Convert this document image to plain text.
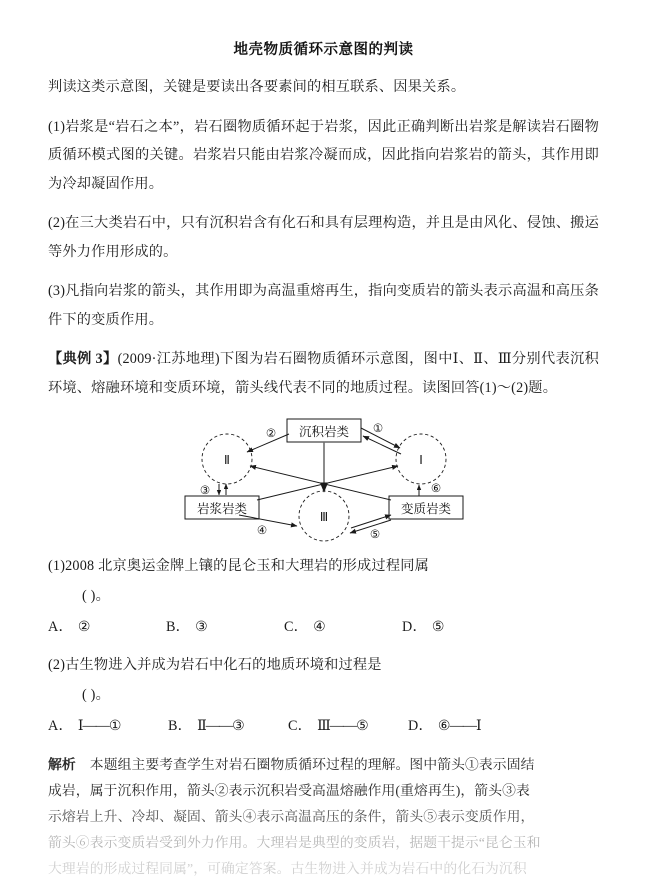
地壳物质循环示意图的判读

判读这类示意图，关键是要读出各要素间的相互联系、因果关系。

(1)岩浆是“岩石之本”，岩石圈物质循环起于岩浆，因此正确判断出岩浆是解读岩石圈物质循环模式图的关键。岩浆岩只能由岩浆冷凝而成，因此指向岩浆岩的箭头，其作用即为冷却凝固作用。

(2)在三大类岩石中，只有沉积岩含有化石和具有层理构造，并且是由风化、侵蚀、搬运等外力作用形成的。

(3)凡指向岩浆的箭头，其作用即为高温重熔再生，指向变质岩的箭头表示高温和高压条件下的变质作用。

【典例 3】(2009·江苏地理)下图为岩石圈物质循环示意图，图中Ⅰ、Ⅱ、Ⅲ分别代表沉积环境、熔融环境和变质环境，箭头线代表不同的地质过程。读图回答(1)～(2)题。

沉积岩类
岩浆岩类	变质岩类
Ⅱ	Ⅰ
Ⅲ
②	①
③	⑥
④	⑤

(1)2008 北京奥运金牌上镶的昆仑玉和大理岩的形成过程同属

( )。

A． ②	B． ③	C． ④	D． ⑤

(2)古生物进入并成为岩石中化石的地质环境和过程是

( )。

A． Ⅰ——①	B． Ⅱ——③	C． Ⅲ——⑤	D． ⑥——Ⅰ

解析 本题组主要考查学生对岩石圈物质循环过程的理解。图中箭头①表示固结

成岩，属于沉积作用，箭头②表示沉积岩受高温熔融作用(重熔再生)，箭头③表

示熔岩上升、冷却、凝固、箭头④表示高温高压的条件，箭头⑤表示变质作用，

箭头⑥表示变质岩受到外力作用。大理岩是典型的变质岩，据题干提示“昆仑玉和

大理岩的形成过程同属”，可确定答案。古生物进入并成为岩石中的化石为沉积
